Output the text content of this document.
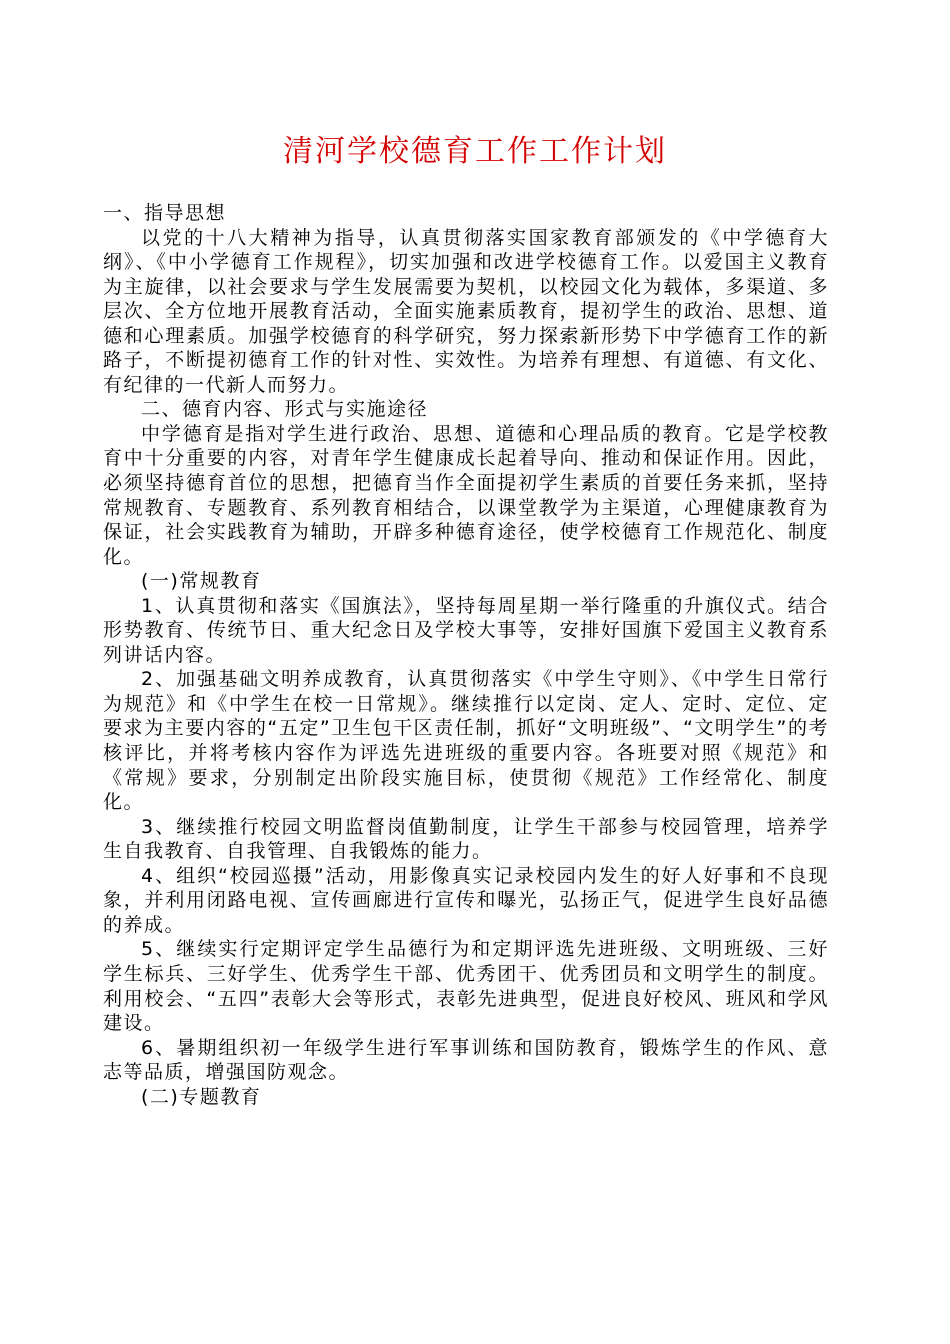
清河学校德育工作工作计划

一、指导思想

以党的十八大精神为指导，认真贯彻落实国家教育部颁发的《中学德育大纲》、《中小学德育工作规程》，切实加强和改进学校德育工作。以爱国主义教育为主旋律，以社会要求与学生发展需要为契机，以校园文化为载体，多渠道、多层次、全方位地开展教育活动，全面实施素质教育，提初学生的政治、思想、道德和心理素质。加强学校德育的科学研究，努力探索新形势下中学德育工作的新路子，不断提初德育工作的针对性、实效性。为培养有理想、有道德、有文化、有纪律的一代新人而努力。

二、德育内容、形式与实施途径

中学德育是指对学生进行政治、思想、道德和心理品质的教育。它是学校教育中十分重要的内容，对青年学生健康成长起着导向、推动和保证作用。因此，必须坚持德育首位的思想，把德育当作全面提初学生素质的首要任务来抓，坚持常规教育、专题教育、系列教育相结合，以课堂教学为主渠道，心理健康教育为保证，社会实践教育为辅助，开辟多种德育途径，使学校德育工作规范化、制度化。

(一)常规教育

1、认真贯彻和落实《国旗法》，坚持每周星期一举行隆重的升旗仪式。结合形势教育、传统节日、重大纪念日及学校大事等，安排好国旗下爱国主义教育系列讲话内容。

2、加强基础文明养成教育，认真贯彻落实《中学生守则》、《中学生日常行为规范》和《中学生在校一日常规》。继续推行以定岗、定人、定时、定位、定要求为主要内容的“五定”卫生包干区责任制，抓好“文明班级”、“文明学生”的考核评比，并将考核内容作为评选先进班级的重要内容。各班要对照《规范》和《常规》要求，分别制定出阶段实施目标，使贯彻《规范》工作经常化、制度化。

3、继续推行校园文明监督岗值勤制度，让学生干部参与校园管理，培养学生自我教育、自我管理、自我锻炼的能力。

4、组织“校园巡摄”活动，用影像真实记录校园内发生的好人好事和不良现象，并利用闭路电视、宣传画廊进行宣传和曝光，弘扬正气，促进学生良好品德的养成。

5、继续实行定期评定学生品德行为和定期评选先进班级、文明班级、三好学生标兵、三好学生、优秀学生干部、优秀团干、优秀团员和文明学生的制度。利用校会、“五四”表彰大会等形式，表彰先进典型，促进良好校风、班风和学风建设。

6、暑期组织初一年级学生进行军事训练和国防教育，锻炼学生的作风、意志等品质，增强国防观念。

(二)专题教育
